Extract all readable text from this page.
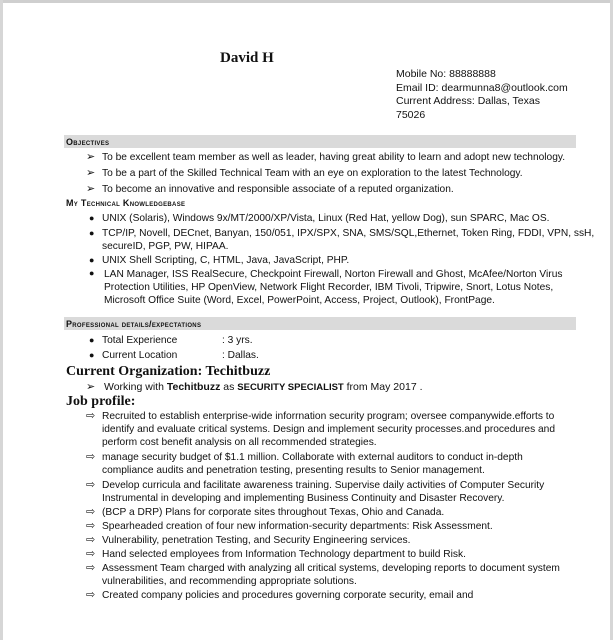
David H
Mobile No: 88888888
Email ID: dearmunna8@outlook.com
Current Address: Dallas, Texas
75026
Objectives
➢ To be excellent team member as well as leader, having great ability to learn and adopt new technology.
➢ To be a part of the Skilled Technical Team with an eye on exploration to the latest Technology.
➢ To become an innovative and responsible associate of a reputed organization.
My Technical Knowledgebase
● UNIX (Solaris), Windows 9x/MT/2000/XP/Vista, Linux (Red Hat, yellow Dog), sun SPARC, Mac OS.
● TCP/IP, Novell, DECnet, Banyan, 150/051, IPX/SPX, SNA, SMS/SQL,Ethernet, Token Ring, FDDI, VPN, ssH,
secureID, PGP, PW, HIPAA.
● UNIX Shell Scripting, C, HTML, Java, JavaScript, PHP.
● LAN Manager, ISS RealSecure, Checkpoint Firewall, Norton Firewall and Ghost, McAfee/Norton Virus
Protection Utilities, HP OpenView, Network Flight Recorder, IBM Tivoli, Tripwire, Snort, Lotus Notes,
Microsoft Office Suite (Word, Excel, PowerPoint, Access, Project, Outlook), FrontPage.
Professional details/expectations
● Total Experience	: 3 yrs.
● Current Location	: Dallas.
Current Organization: Techitbuzz
➢ Working with Techitbuzz as SECURITY SPECIALIST from May 2017 .
Job profile:
⇨ Recruited to establish enterprise-wide inforrnation security program; oversee companywide.efforts to
identify and evaluate critical systems. Design and implement security processes.and procedures and
perform cost benefit analysis on all recommended strategies.
⇨ manage security budget of $1.1 million. Collaborate with external auditors to conduct in-depth
compliance audits and penetration testing, presenting results to Senior management.
⇨ Develop curricula and facilitate awareness training. Supervise daily activities of Computer Security
Instrumental in developing and implementing Business Continuity and Disaster Recovery.
⇨ (BCP a DRP) Plans for corporate sites throughout Texas, Ohio and Canada.
⇨ Spearheaded creation of four new information-security departments: Risk Assessment.
⇨ Vulnerability, penetration Testing, and Security Engineering services.
⇨ Hand selected employees from Information Technology department to build Risk.
⇨ Assessment Team charged with analyzing all critical systems, developing reports to document system
vulnerabilities, and recommending appropriate solutions.
⇨ Created company policies and procedures governing corporate security, email and
